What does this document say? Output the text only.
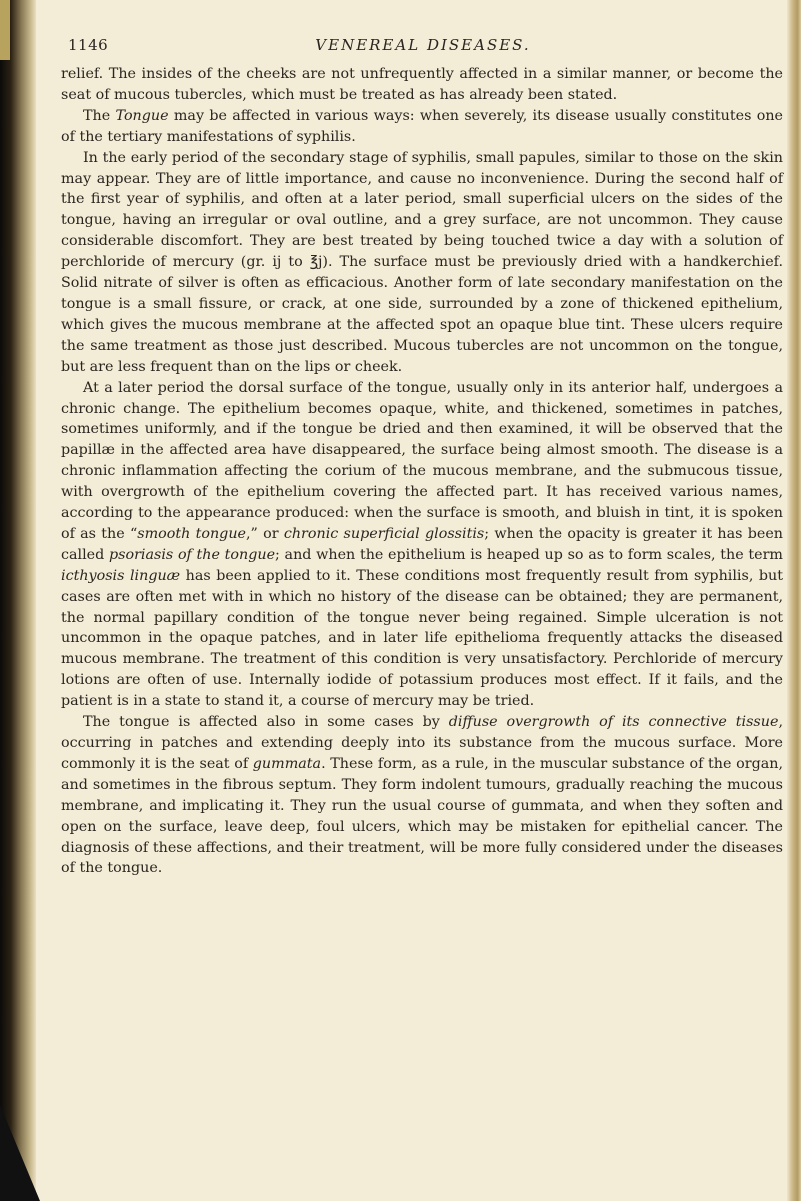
1146	VENEREAL DISEASES.

relief. The insides of the cheeks are not unfrequently affected in a similar manner, or become the seat of mucous tubercles, which must be treated as has already been stated.

The Tongue may be affected in various ways: when severely, its disease usually constitutes one of the tertiary manifestations of syphilis.

In the early period of the secondary stage of syphilis, small papules, similar to those on the skin may appear. They are of little importance, and cause no inconvenience. During the second half of the first year of syphilis, and often at a later period, small superficial ulcers on the sides of the tongue, having an irregular or oval outline, and a grey surface, are not uncommon. They cause considerable discomfort. They are best treated by being touched twice a day with a solution of perchloride of mercury (gr. ij to ℥j). The surface must be previously dried with a handkerchief. Solid nitrate of silver is often as efficacious. Another form of late secondary manifestation on the tongue is a small fissure, or crack, at one side, surrounded by a zone of thickened epithelium, which gives the mucous membrane at the affected spot an opaque blue tint. These ulcers require the same treatment as those just described. Mucous tubercles are not uncommon on the tongue, but are less frequent than on the lips or cheek.

At a later period the dorsal surface of the tongue, usually only in its anterior half, undergoes a chronic change. The epithelium becomes opaque, white, and thickened, sometimes in patches, sometimes uniformly, and if the tongue be dried and then examined, it will be observed that the papillæ in the affected area have disappeared, the surface being almost smooth. The disease is a chronic inflammation affecting the corium of the mucous membrane, and the submucous tissue, with overgrowth of the epithelium covering the affected part. It has received various names, according to the appearance produced: when the surface is smooth, and bluish in tint, it is spoken of as the “smooth tongue,” or chronic superficial glossitis; when the opacity is greater it has been called psoriasis of the tongue; and when the epithelium is heaped up so as to form scales, the term icthyosis linguæ has been applied to it. These conditions most frequently result from syphilis, but cases are often met with in which no history of the disease can be obtained; they are permanent, the normal papillary condition of the tongue never being regained. Simple ulceration is not uncommon in the opaque patches, and in later life epithelioma frequently attacks the diseased mucous membrane. The treatment of this condition is very unsatisfactory. Perchloride of mercury lotions are often of use. Internally iodide of potassium produces most effect. If it fails, and the patient is in a state to stand it, a course of mercury may be tried.

The tongue is affected also in some cases by diffuse overgrowth of its connective tissue, occurring in patches and extending deeply into its substance from the mucous surface. More commonly it is the seat of gummata. These form, as a rule, in the muscular substance of the organ, and sometimes in the fibrous septum. They form indolent tumours, gradually reaching the mucous membrane, and implicating it. They run the usual course of gummata, and when they soften and open on the surface, leave deep, foul ulcers, which may be mistaken for epithelial cancer. The diagnosis of these affections, and their treatment, will be more fully considered under the diseases of the tongue.
